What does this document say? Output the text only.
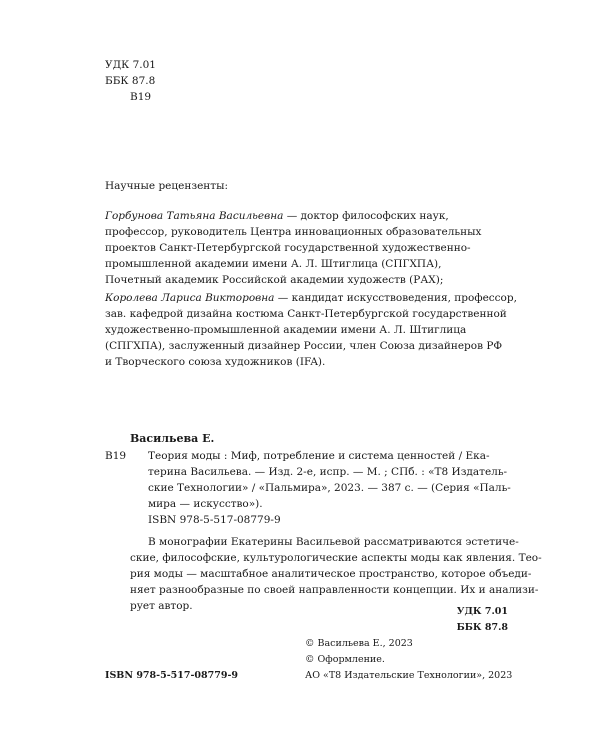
УДК 7.01
ББК 87.8
В19
Научные рецензенты:
Горбунова Татьяна Васильевна — доктор философских наук,
профессор, руководитель Центра инновационных образовательных
проектов Санкт-Петербургской государственной художественно-
промышленной академии имени А. Л. Штиглица (СПГХПА),
Почетный академик Российской академии художеств (РАХ);
Королева Лариса Викторовна — кандидат искусствоведения, профессор,
зав. кафедрой дизайна костюма Санкт-Петербургской государственной
художественно-промышленной академии имени А. Л. Штиглица
(СПГХПА), заслуженный дизайнер России, член Союза дизайнеров РФ
и Творческого союза художников (IFA).
Васильева Е.
В19 Теория моды : Миф, потребление и система ценностей / Ека-
терина Васильева. — Изд. 2-е, испр. — М. ; СПб. : «Т8 Издатель-
ские Технологии» / «Пальмира», 2023. — 387 с. — (Серия «Паль-
мира — искусство»).
ISBN 978-5-517-08779-9
В монографии Екатерины Васильевой рассматриваются эстетиче-
ские, философские, культурологические аспекты моды как явления. Тео-
рия моды — масштабное аналитическое пространство, которое объеди-
няет разнообразные по своей направленности концепции. Их и анализи-
рует автор.	УДК 7.01
ББК 87.8
ISBN 978-5-517-08779-9
© Васильева Е., 2023
© Оформление.
АО «Т8 Издательские Технологии», 2023
